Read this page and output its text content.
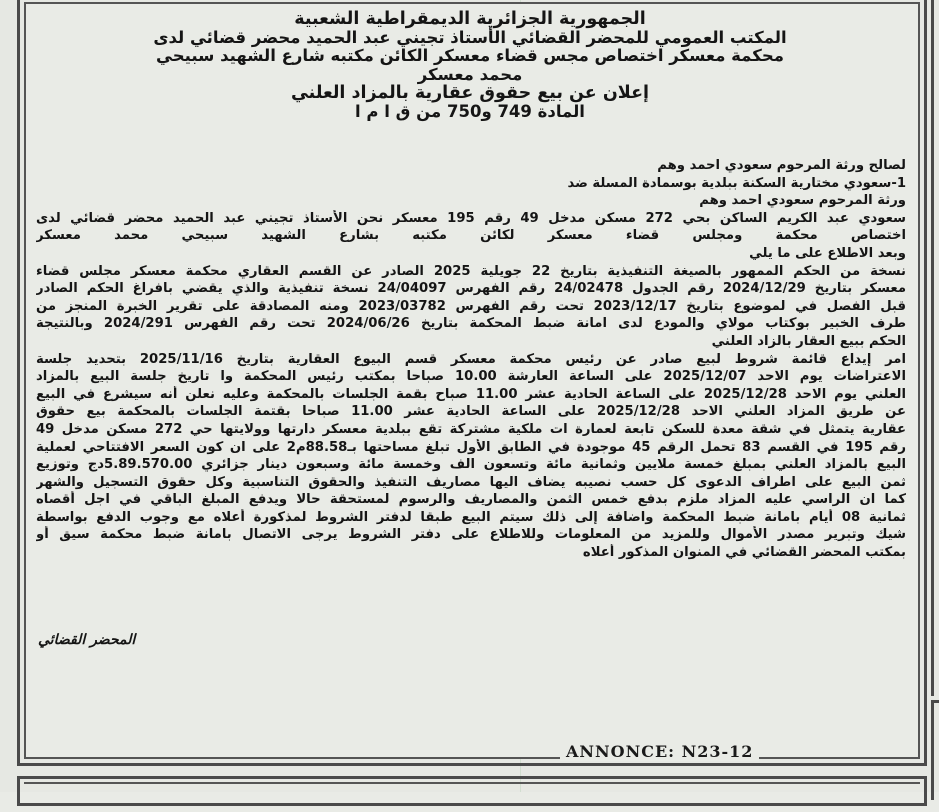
الجمهورية الجزائرية الديمقراطية الشعبية
المكتب العمومي للمحضر القضائي الأستاذ تجيني عبد الحميد محضر قضائي لدى
محكمة معسكر اختصاص مجس قضاء معسكر الكائن مكتبه شارع الشهيد سبيحي
محمد معسكر
إعلان عن بيع حقوق عقارية بالمزاد العلني
المادة 749 و750 من ق ا م ا
لصالح ورثة المرحوم سعودي احمد وهم
1-سعودي مختارية السكنة ببلدية بوسمادة المسلة ضد
ورثة المرحوم سعودي احمد وهم
سعودي عبد الكريم الساكن بحي 272 مسكن مدخل 49 رقم 195 معسكر نحن الأستاذ تجيني عبد الحميد محضر قضائي لدى
اختصاص محكمة ومجلس قضاء معسكر لكائن مكتبه بشارع الشهيد سبيحي محمد معسكر
وبعد الاطلاع على ما يلي
نسخة من الحكم الممهور بالصيغة التنفيذية بتاريخ 22 جويلية 2025 الصادر عن القسم العقاري محكمة معسكر مجلس قضاء
معسكر بتاريخ 2024/12/29 رقم الجدول 24/02478 رقم الفهرس 24/04097 نسخة تنفيذية والذي يقضي بافراغ الحكم الصادر
قبل الفصل في لموضوع بتاريخ 2023/12/17 تحت رقم الفهرس 2023/03782 ومنه المصادقة على تقرير الخبرة المنجز من
طرف الخبير بوكتاب مولاي والمودع لدى امانة ضبط المحكمة بتاريخ 2024/06/26 تحت رقم الفهرس 2024/291 وبالنتيجة
الحكم ببيع العقار بالزاد العلني
امر إيداع قائمة شروط لبيع صادر عن رئيس محكمة معسكر قسم البيوع العقارية بتاريخ 2025/11/16 بتحديد جلسة
الاعتراضات يوم الاحد 2025/12/07 على الساعة العارشة 10.00 صباحا بمكتب رئيس المحكمة وا تاريخ جلسة البيع بالمزاد
العلني يوم الاحد 2025/12/28 على الساعة الحادية عشر 11.00 صباح بقمة الجلسات بالمحكمة وعليه نعلن أنه سيشرع في البيع
عن طريق المزاد العلني الاحد 2025/12/28 على الساعة الحادية عشر 11.00 صباحا بقتمة الجلسات بالمحكمة بيع حقوق
عقارية يتمثل في شقة معدة للسكن تابعة لعمارة ات ملكية مشتركة تقع ببلدية معسكر دارتها وولايتها حي 272 مسكن مدخل 49
رقم 195 في القسم 83 تحمل الرقم 45 موجودة في الطابق الأول تبلغ مساحتها بـ88.58م2 على ان كون السعر الافتتاحي لعملية
البيع بالمزاد العلني بمبلغ خمسة ملايين وثمانية مائة وتسعون الف وخمسة مائة وسبعون دينار جزائري 5.89.570.00دج وتوزيع
ثمن البيع على اطراف الدعوى كل حسب نصيبه يضاف اليها مصاريف التنفيذ والحقوق التناسبية وكل حقوق التسجيل والشهر
كما ان الراسي عليه المزاد ملزم بدفع خمس الثمن والمصاريف والرسوم لمستحقة حالا ويدفع المبلغ الباقي في اجل أقصاه
ثمانية 08 أيام بامانة ضبط المحكمة واضافة إلى ذلك سيتم البيع طبقا لدفتر الشروط لمذكورة أعلاه مع وجوب الدفع بواسطة
شيك وتبرير مصدر الأموال وللمزيد من المعلومات وللاطلاع على دفتر الشروط يرجى الاتصال بامانة ضبط محكمة سيق أو
بمكتب المحضر القضائي في المنوان المذكور أعلاه
المحضر القضائي
ANNONCE: N23-12
